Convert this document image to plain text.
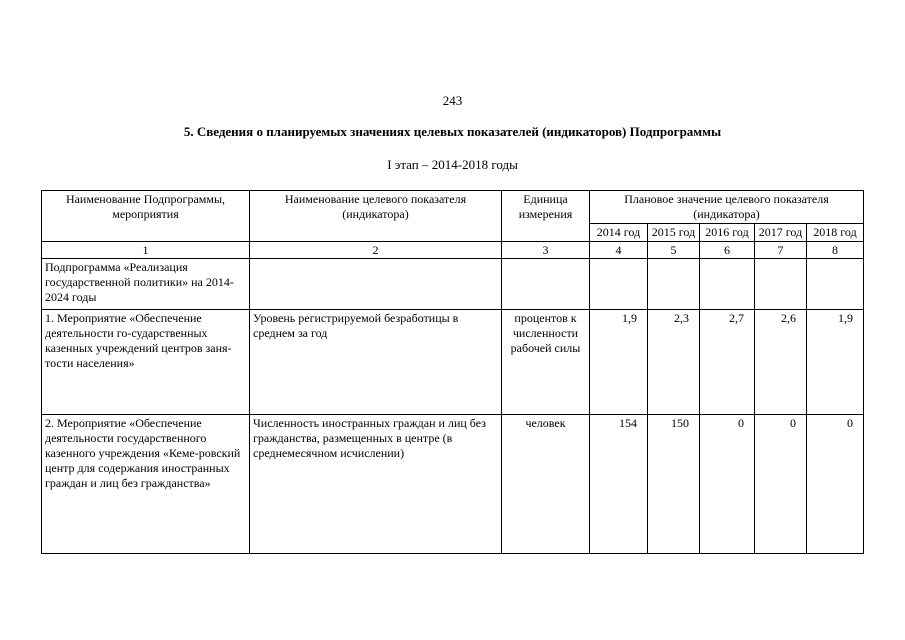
243
5. Сведения о планируемых значениях целевых показателей (индикаторов) Подпрограммы
I этап – 2014-2018 годы
Наименование Подпрограммы, мероприятия	Наименование целевого показателя (индикатора)	Единица измерения	Плановое значение целевого показателя (индикатора)				
			2014 год	2015 год	2016 год	2017 год	2018 год
1	2	3	4	5	6	7	8
Подпрограмма «Реализация государственной политики» на 2014-2024 годы							
1. Мероприятие «Обеспечение деятельности го-сударственных казенных учреждений центров заня-тости населения»	Уровень регистрируемой безработицы в среднем за год	процентов к численности рабочей силы	1,9	2,3	2,7	2,6	1,9
2. Мероприятие «Обеспечение деятельности государственного казенного учреждения «Кеме-ровский центр для содержания иностранных граждан и лиц без гражданства»	Численность иностранных граждан и лиц без гражданства, размещенных в центре (в среднемесячном исчислении)	человек	154	150	0	0	0
